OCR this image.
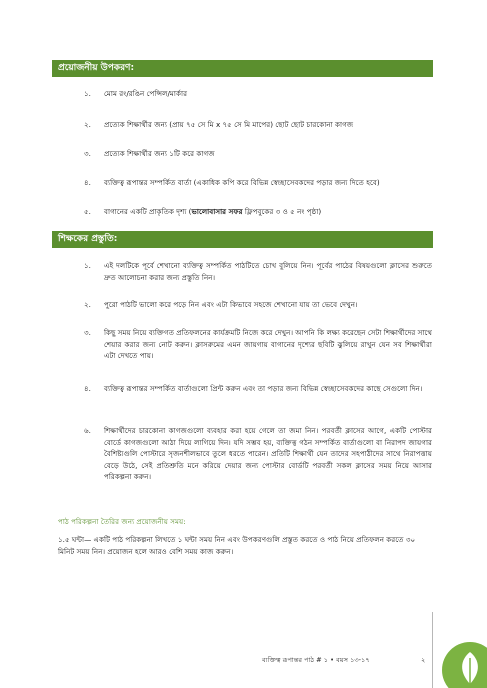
প্রয়োজনীয় উপকরণ:
১.	মোম রং/রঙিন পেন্সিল/মার্কার
২.	প্রত্যেক শিক্ষার্থীর জন্য (প্রায় ৭৫ সে মি x ৭৫ সে মি মাপের) ছোট ছোট চারকোনা কাগজ
৩.	প্রত্যেক শিক্ষার্থীর জন্য ১টি করে কাগজ
৪.	ব্যক্তিত্ব রূপান্তর সম্পর্কিত বার্তা (একাধিক কপি করে বিভিন্ন স্বেচ্ছাসেবকদের পড়ার জন্য দিতে হবে)
৫.	বাগানের একটি প্রাকৃতিক দৃশ্য (ভালোবাসার সফর ফ্লিপবুকের ৩ ও ৫ নং পৃষ্ঠা)
শিক্ষকের প্রস্তুতি:
১.	এই দলটিকে পূর্বে শেখানো ব্যক্তিত্ব সম্পর্কিত পাঠটিতে চোখ বুলিয়ে নিন। পূর্বের পাঠের বিষয়গুলো ক্লাসের শুরুতে দ্রুত আলোচনা করার জন্য প্রস্তুতি নিন।
২.	পুরো পাঠটি ভালো করে পড়ে নিন এবং এটা কিভাবে সহজে শেখানো যায় তা ভেবে দেখুন।
৩.	কিছু সময় নিয়ে ব্যক্তিগত প্রতিফলনের কার্যক্রমটি নিজে করে দেখুন। আপনি কি লক্ষ্য করেছেন সেটা শিক্ষার্থীদের সাথে শেয়ার করার জন্য নোট করুন। ক্লাসরুমের এমন জায়গায় বাগানের দৃশ্যের ছবিটি ঝুলিয়ে রাখুন যেন সব শিক্ষার্থীরা এটা দেখতে পায়।
৪.	ব্যক্তিত্ব রূপান্তর সম্পর্কিত বার্তাগুলো প্রিন্ট করুন এবং তা পড়ার জন্য বিভিন্ন স্বেচ্ছাসেবকদের কাছে সেগুলো দিন।
৬.	শিক্ষার্থীদের চারকোনা কাগজগুলো ব্যবহার করা হয়ে গেলে তা জমা নিন। পরবর্তী ক্লাসের আগে, একটি পোস্টার বোর্ডে কাগজগুলো আঠা দিয়ে লাগিয়ে দিন। যদি সম্ভব হয়, ব্যক্তিত্ব গঠন সম্পর্কিত বার্তাগুলো বা নিরাপদ জায়গার বৈশিষ্ট্যগুলি পোস্টারে সৃজনশীলভাবে তুলে ধরতে পারেন। প্রতিটি শিক্ষার্থী যেন তাদের সহপাঠীদের সাথে নিরাপত্তায় বেড়ে উঠে, সেই প্রতিশ্রুতি মনে করিয়ে দেয়ার জন্য পোস্টার বোর্ডটি পরবর্তী সকল ক্লাসের সময় নিয়ে আসার পরিকল্পনা করুন।
পাঠ পরিকল্পনা তৈরির জন্য প্রয়োজনীয় সময়:
১.৫ ঘন্টা— একটি পাঠ পরিকল্পনা লিখতে ১ ঘন্টা সময় নিন এবং উপকরণগুলি প্রস্তুত করতে ও পাঠ নিয়ে প্রতিফলন করতে ৩০ মিনিট সময় নিন। প্রয়োজন হলে আরও বেশি সময় কাজ করুন।
ব্যক্তিত্ব রূপান্তর পাঠ # ১ • বয়স ১৩-১৭	২
